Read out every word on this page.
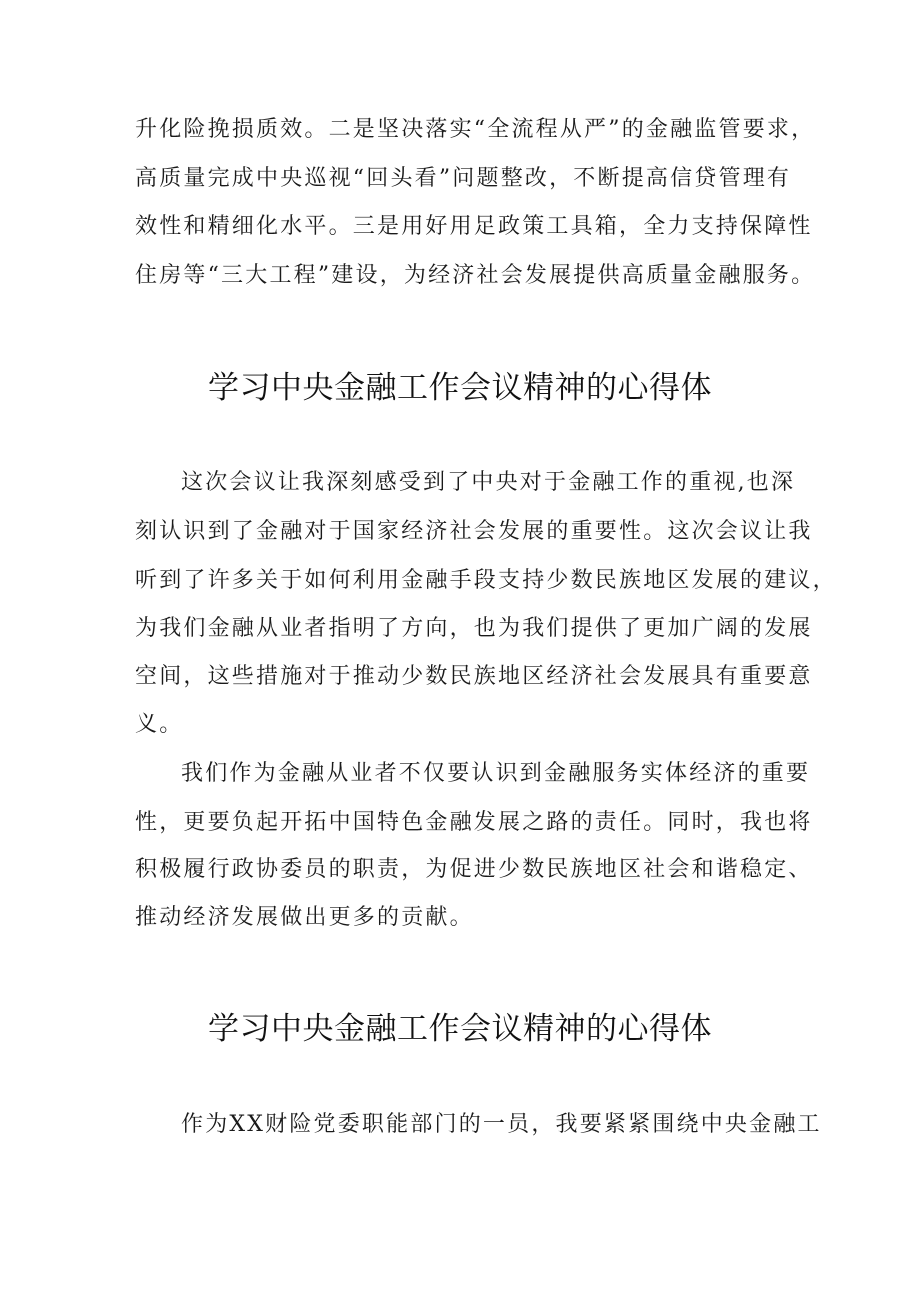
升化险挽损质效。二是坚决落实“全流程从严”的金融监管要求，
高质量完成中央巡视“回头看”问题整改，不断提高信贷管理有
效性和精细化水平。三是用好用足政策工具箱，全力支持保障性
住房等“三大工程”建设，为经济社会发展提供高质量金融服务。
学习中央金融工作会议精神的心得体
这次会议让我深刻感受到了中央对于金融工作的重视,也深
刻认识到了金融对于国家经济社会发展的重要性。这次会议让我
听到了许多关于如何利用金融手段支持少数民族地区发展的建议，
为我们金融从业者指明了方向，也为我们提供了更加广阔的发展
空间，这些措施对于推动少数民族地区经济社会发展具有重要意
义。
我们作为金融从业者不仅要认识到金融服务实体经济的重要
性，更要负起开拓中国特色金融发展之路的责任。同时，我也将
积极履行政协委员的职责，为促进少数民族地区社会和谐稳定、
推动经济发展做出更多的贡献。
学习中央金融工作会议精神的心得体
作为XX财险党委职能部门的一员，我要紧紧围绕中央金融工
